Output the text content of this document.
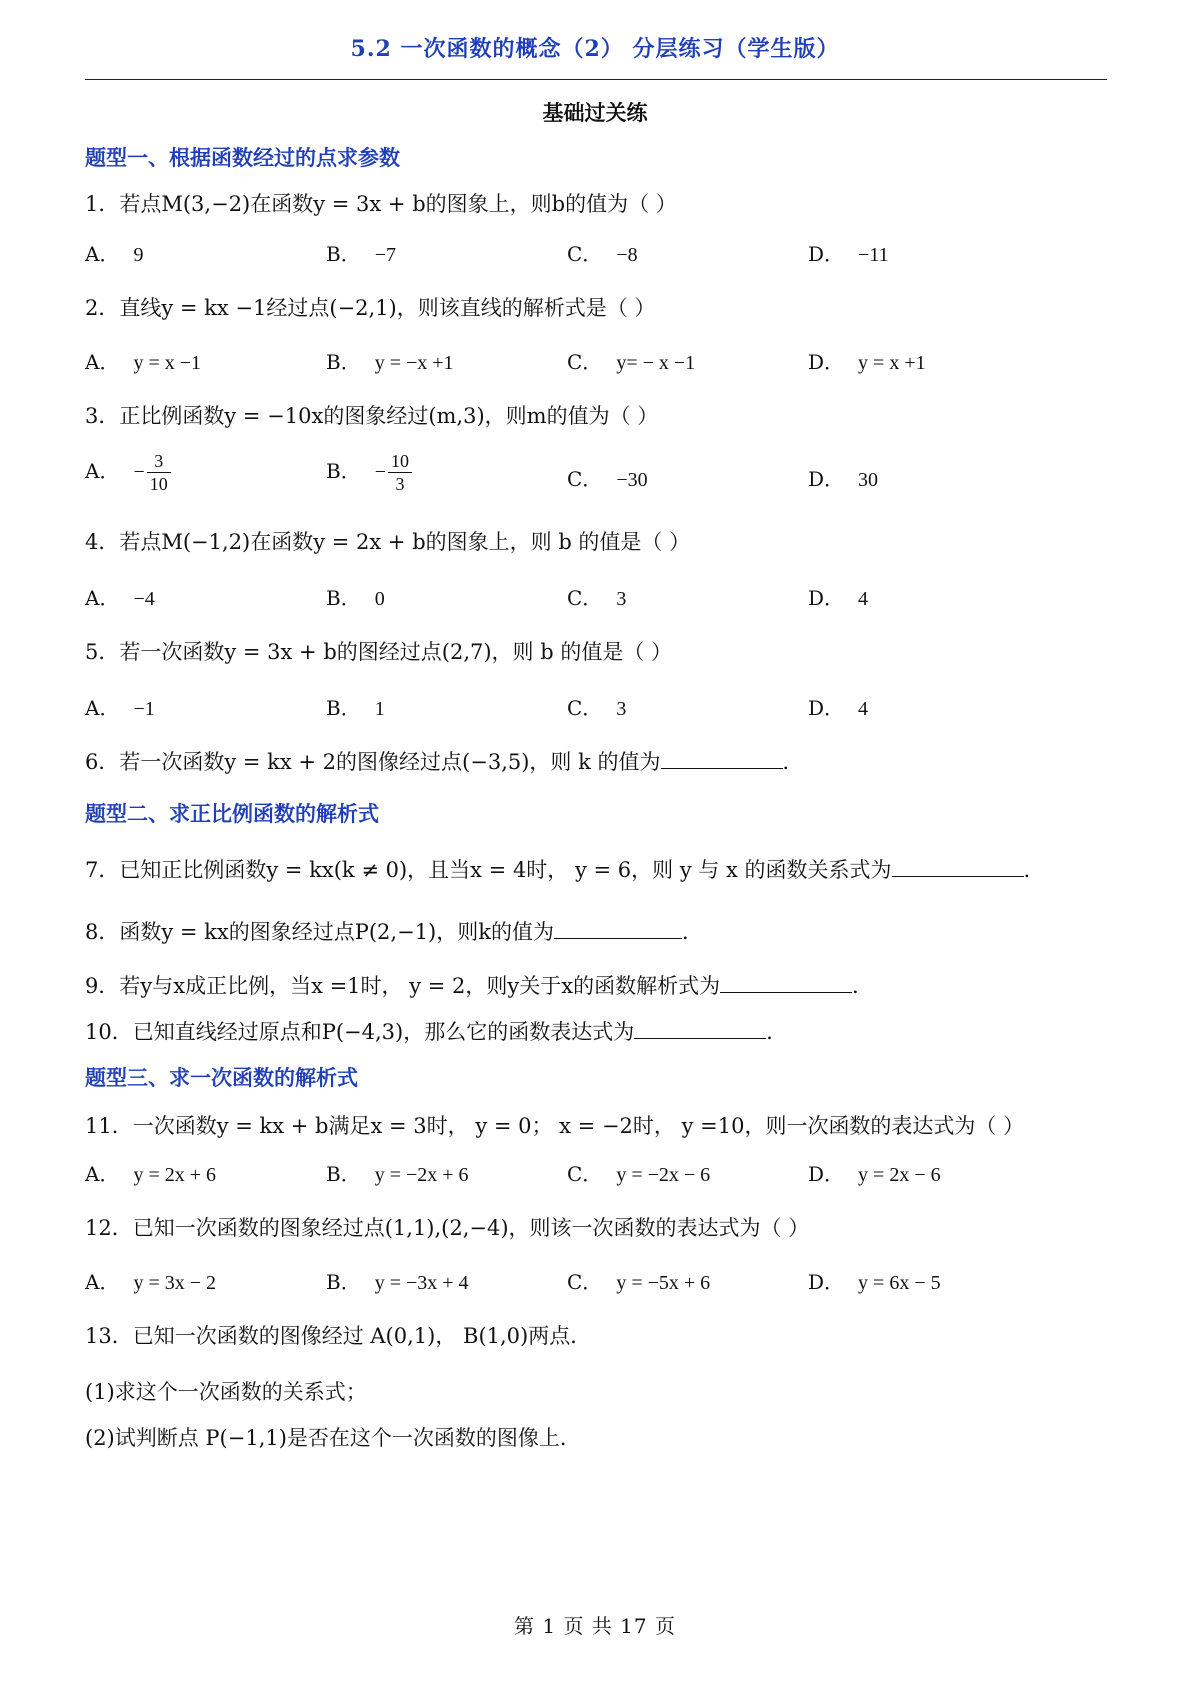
5.2 一次函数的概念（2） 分层练习（学生版）
基础过关练
题型一、根据函数经过的点求参数
1．若点M(3,−2)在函数y = 3x + b的图象上，则b的值为（ ）
A． 9	B． −7	C． −8	D． −11
2．直线y = kx −1经过点(−2,1)，则该直线的解析式是（ ）
A． y = x −1	B． y = −x +1	C． y= − x −1	D． y = x +1
3．正比例函数y = −10x的图象经过(m,3)，则m的值为（ ）
A． − $\frac{3}{10}$	B． − $\frac{10}{3}$	C． −30	D． 30
4．若点M(−1,2)在函数y = 2x + b的图象上，则 b 的值是（ ）
A． −4	B． 0	C． 3	D． 4
5．若一次函数y = 3x + b的图经过点(2,7)，则 b 的值是（ ）
A． −1	B． 1	C． 3	D． 4
6．若一次函数y = kx + 2的图像经过点(−3,5)，则 k 的值为	．
题型二、求正比例函数的解析式
7．已知正比例函数y = kx(k ≠ 0)，且当x = 4时， y = 6，则 y 与 x 的函数关系式为	．
8．函数y = kx的图象经过点P(2,−1)，则k的值为	．
9．若y与x成正比例，当x =1时， y = 2，则y关于x的函数解析式为	．
10．已知直线经过原点和P(−4,3)，那么它的函数表达式为	．
题型三、求一次函数的解析式
11．一次函数y = kx + b满足x = 3时， y = 0； x = −2时， y =10，则一次函数的表达式为（ ）
A． y = 2x + 6	B． y = −2x + 6	C． y = −2x − 6	D． y = 2x − 6
12．已知一次函数的图象经过点(1,1),(2,−4)，则该一次函数的表达式为（ ）
A． y = 3x − 2	B． y = −3x + 4	C． y = −5x + 6	D． y = 6x − 5
13．已知一次函数的图像经过 A(0,1)， B(1,0)两点．
(1)求这个一次函数的关系式；
(2)试判断点 P(−1,1)是否在这个一次函数的图像上．
第 1 页 共 17 页
